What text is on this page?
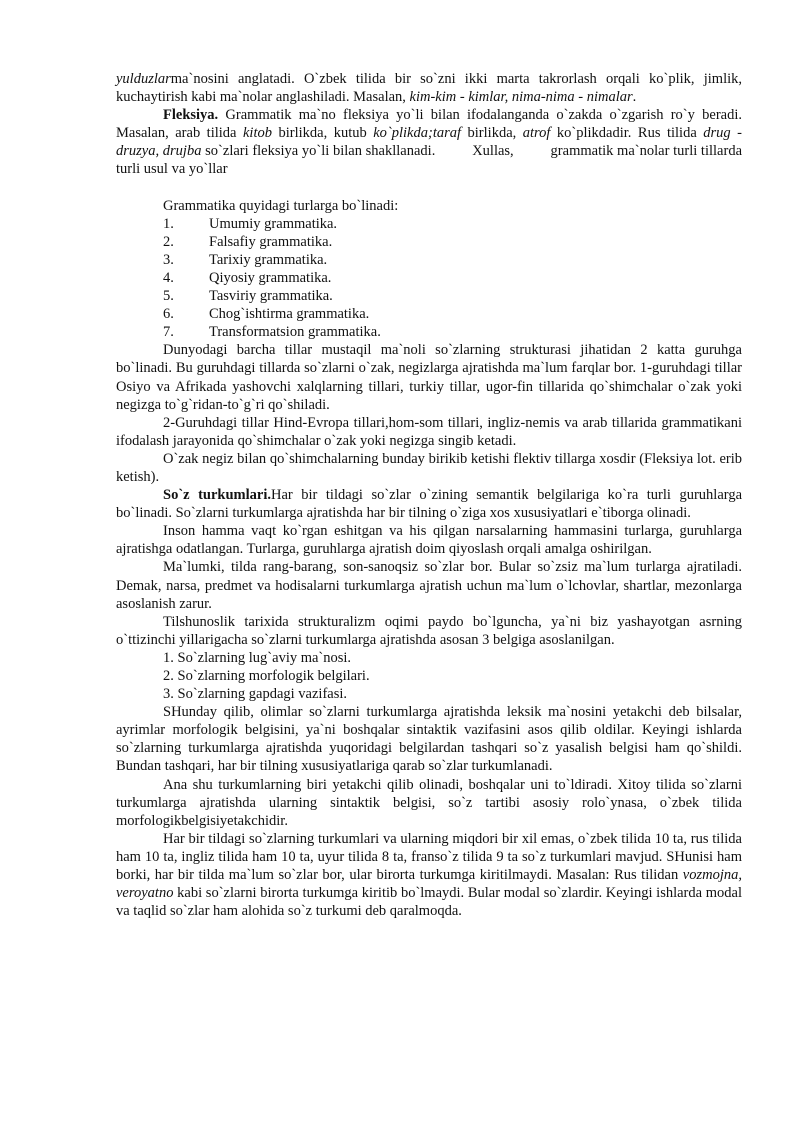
yulduzlarma`nosini anglatadi. O`zbek tilida bir so`zni ikki marta takrorlash orqali ko`plik, jimlik, kuchaytirish kabi ma`nolar anglashiladi. Masalan, kim-kim - kimlar, nima-nima - nimalar.

Fleksiya. Grammatik ma`no fleksiya yo`li bilan ifodalanganda o`zakda o`zgarish ro`y beradi. Masalan, arab tilida kitob birlikda, kutub ko`plikda;taraf birlikda, atrof ko`plikdadir. Rus tilida drug - druzya, drujba so`zlari fleksiya yo`li bilan shakllanadi.          Xullas,          grammatik ma`nolar turli tillarda turli usul va yo`llar

Grammatika quyidagi turlarga bo`linadi:

1.	Umumiy grammatika.
2.	Falsafiy grammatika.
3.	Tarixiy grammatika.
4.	Qiyosiy grammatika.
5.	Tasviriy grammatika.
6.	Chog`ishtirma grammatika.
7.	Transformatsion grammatika.

Dunyodagi barcha tillar mustaqil ma`noli so`zlarning strukturasi jihatidan 2 katta guruhga bo`linadi. Bu guruhdagi tillarda so`zlarni o`zak, negizlarga ajratishda ma`lum farqlar bor. 1-guruhdagi tillar Osiyo va Afrikada yashovchi xalqlarning tillari, turkiy tillar, ugor-fin tillarida qo`shimchalar o`zak yoki negizga to`g`ridan-to`g`ri qo`shiladi.

2-Guruhdagi tillar Hind-Evropa tillari,hom-som tillari, ingliz-nemis va arab tillarida grammatikani ifodalash jarayonida qo`shimchalar o`zak yoki negizga singib ketadi.

O`zak negiz bilan qo`shimchalarning bunday birikib ketishi flektiv tillarga xosdir (Fleksiya lot. erib ketish).

So`z turkumlari.Har bir tildagi so`zlar o`zining semantik belgilariga ko`ra turli guruhlarga bo`linadi. So`zlarni turkumlarga ajratishda har bir tilning o`ziga xos xususiyatlari e`tiborga olinadi.

Inson hamma vaqt ko`rgan eshitgan va his qilgan narsalarning hammasini turlarga, guruhlarga ajratishga odatlangan. Turlarga, guruhlarga ajratish doim qiyoslash orqali amalga oshirilgan.

Ma`lumki, tilda rang-barang, son-sanoqsiz so`zlar bor. Bular so`zsiz ma`lum turlarga ajratiladi. Demak, narsa, predmet va hodisalarni turkumlarga ajratish uchun ma`lum o`lchovlar, shartlar, mezonlarga asoslanish zarur.

Tilshunoslik tarixida strukturalizm oqimi paydo bo`lguncha, ya`ni biz yashayotgan asrning o`ttizinchi yillarigacha so`zlarni turkumlarga ajratishda asosan 3 belgiga asoslanilgan.

1. So`zlarning lug`aviy ma`nosi.

2. So`zlarning morfologik belgilari.

3. So`zlarning gapdagi vazifasi.

SHunday qilib, olimlar so`zlarni turkumlarga ajratishda leksik ma`nosini yetakchi deb bilsalar, ayrimlar morfologik belgisini, ya`ni boshqalar sintaktik vazifasini asos qilib oldilar. Keyingi ishlarda so`zlarning turkumlarga ajratishda yuqoridagi belgilardan tashqari so`z yasalish belgisi ham qo`shildi. Bundan tashqari, har bir tilning xususiyatlariga qarab so`zlar turkumlanadi.

Ana shu turkumlarning biri yetakchi qilib olinadi, boshqalar uni to`ldiradi. Xitoy tilida so`zlarni turkumlarga ajratishda ularning sintaktik belgisi, so`z tartibi asosiy rolo`ynasa, o`zbek tilida morfologikbelgisiyetakchidir.

Har bir tildagi so`zlarning turkumlari va ularning miqdori bir xil emas, o`zbek tilida 10 ta, rus tilida ham 10 ta, ingliz tilida ham 10 ta, uyur tilida 8 ta, franso`z tilida 9 ta so`z turkumlari mavjud. SHunisi ham borki, har bir tilda ma`lum so`zlar bor, ular birorta turkumga kiritilmaydi. Masalan: Rus tilidan vozmojna, veroyatno kabi so`zlarni birorta turkumga kiritib bo`lmaydi. Bular modal so`zlardir. Keyingi ishlarda modal va taqlid so`zlar ham alohida so`z turkumi deb qaralmoqda.
